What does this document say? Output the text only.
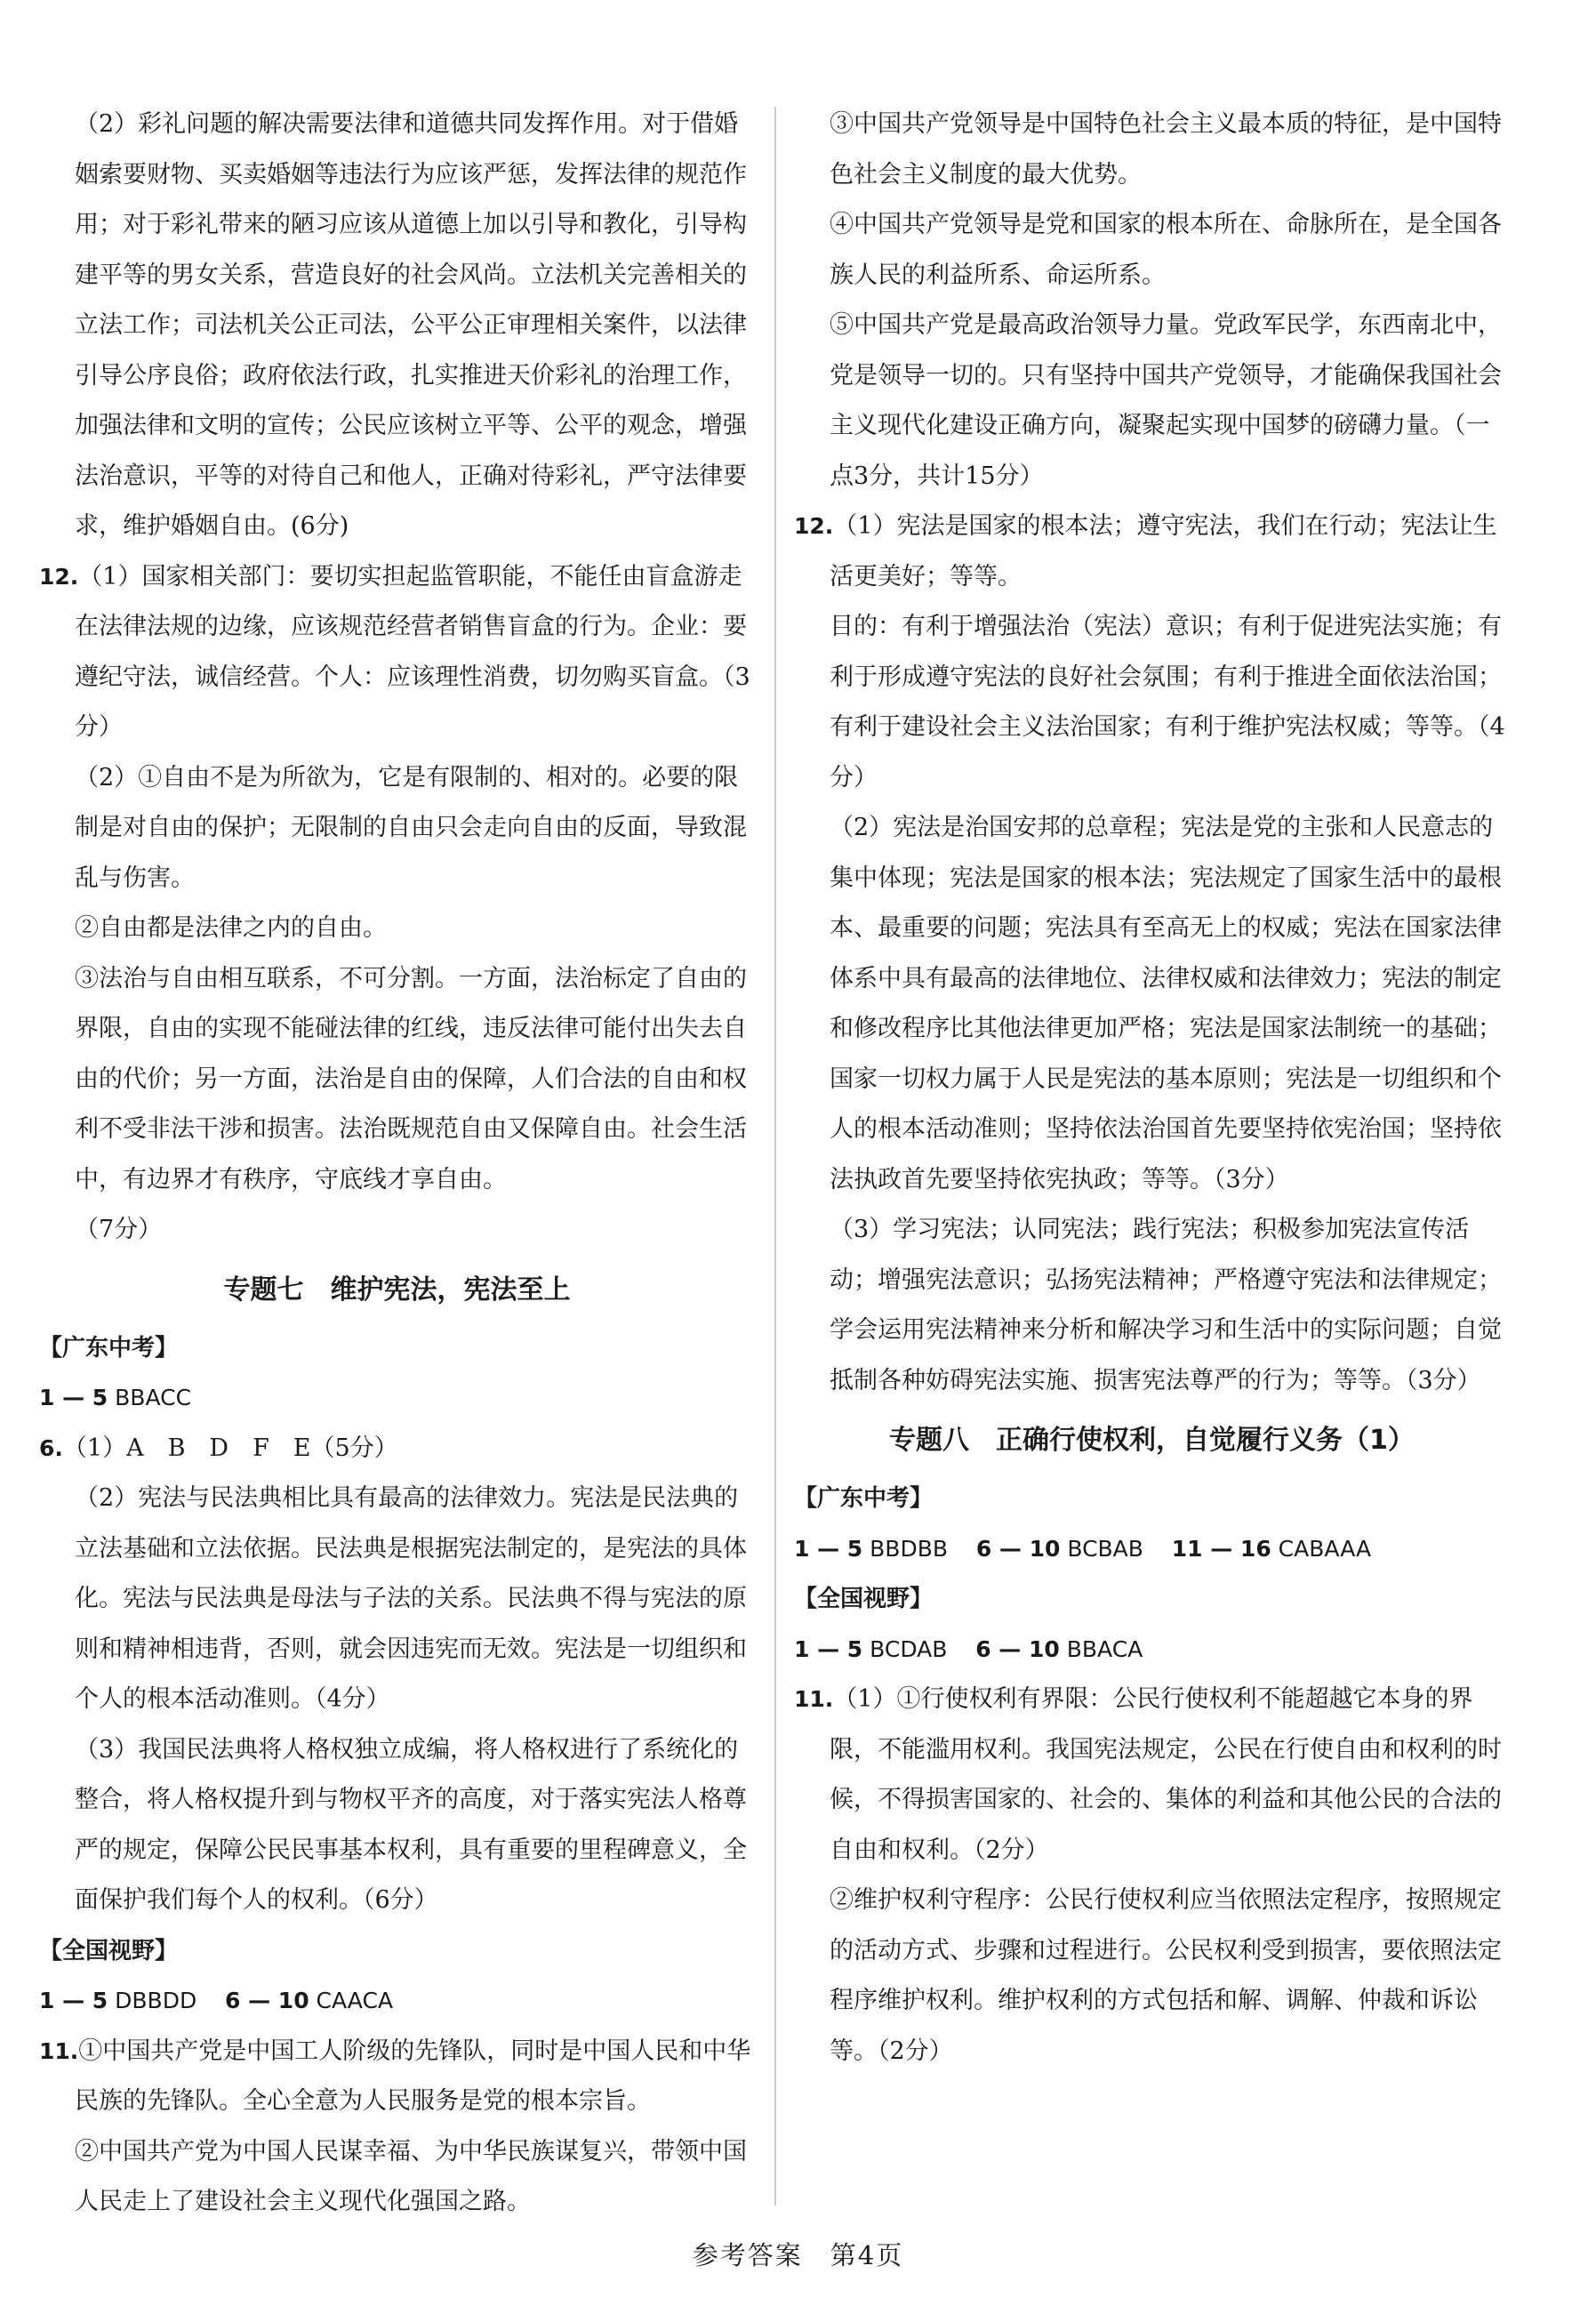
（2）彩礼问题的解决需要法律和道德共同发挥作用。对于借婚姻索要财物、买卖婚姻等违法行为应该严惩，发挥法律的规范作用；对于彩礼带来的陋习应该从道德上加以引导和教化，引导构建平等的男女关系，营造良好的社会风尚。立法机关完善相关的立法工作；司法机关公正司法，公平公正审理相关案件，以法律引导公序良俗；政府依法行政，扎实推进天价彩礼的治理工作，加强法律和文明的宣传；公民应该树立平等、公平的观念，增强法治意识，平等的对待自己和他人，正确对待彩礼，严守法律要求，维护婚姻自由。(6分)

12.（1）国家相关部门：要切实担起监管职能，不能任由盲盒游走在法律法规的边缘，应该规范经营者销售盲盒的行为。企业：要遵纪守法，诚信经营。个人：应该理性消费，切勿购买盲盒。（3分）

（2）①自由不是为所欲为，它是有限制的、相对的。必要的限制是对自由的保护；无限制的自由只会走向自由的反面，导致混乱与伤害。

②自由都是法律之内的自由。

③法治与自由相互联系，不可分割。一方面，法治标定了自由的界限，自由的实现不能碰法律的红线，违反法律可能付出失去自由的代价；另一方面，法治是自由的保障，人们合法的自由和权利不受非法干涉和损害。法治既规范自由又保障自由。社会生活中，有边界才有秩序，守底线才享自由。

（7分）

专题七　维护宪法，宪法至上

【广东中考】

1 — 5 BBACC

6.（1）A　B　D　F　E（5分）

（2）宪法与民法典相比具有最高的法律效力。宪法是民法典的立法基础和立法依据。民法典是根据宪法制定的，是宪法的具体化。宪法与民法典是母法与子法的关系。民法典不得与宪法的原则和精神相违背，否则，就会因违宪而无效。宪法是一切组织和个人的根本活动准则。（4分）

（3）我国民法典将人格权独立成编，将人格权进行了系统化的整合，将人格权提升到与物权平齐的高度，对于落实宪法人格尊严的规定，保障公民民事基本权利，具有重要的里程碑意义，全面保护我们每个人的权利。（6分）

【全国视野】

1 — 5 DBBDD 6 — 10 CAACA

11.①中国共产党是中国工人阶级的先锋队，同时是中国人民和中华民族的先锋队。全心全意为人民服务是党的根本宗旨。

②中国共产党为中国人民谋幸福、为中华民族谋复兴，带领中国人民走上了建设社会主义现代化强国之路。

③中国共产党领导是中国特色社会主义最本质的特征，是中国特色社会主义制度的最大优势。

④中国共产党领导是党和国家的根本所在、命脉所在，是全国各族人民的利益所系、命运所系。

⑤中国共产党是最高政治领导力量。党政军民学，东西南北中，党是领导一切的。只有坚持中国共产党领导，才能确保我国社会主义现代化建设正确方向，凝聚起实现中国梦的磅礴力量。（一点3分，共计15分）

12.（1）宪法是国家的根本法；遵守宪法，我们在行动；宪法让生活更美好；等等。

目的：有利于增强法治（宪法）意识；有利于促进宪法实施；有利于形成遵守宪法的良好社会氛围；有利于推进全面依法治国；有利于建设社会主义法治国家；有利于维护宪法权威；等等。（4分）

（2）宪法是治国安邦的总章程；宪法是党的主张和人民意志的集中体现；宪法是国家的根本法；宪法规定了国家生活中的最根本、最重要的问题；宪法具有至高无上的权威；宪法在国家法律体系中具有最高的法律地位、法律权威和法律效力；宪法的制定和修改程序比其他法律更加严格；宪法是国家法制统一的基础；国家一切权力属于人民是宪法的基本原则；宪法是一切组织和个人的根本活动准则；坚持依法治国首先要坚持依宪治国；坚持依法执政首先要坚持依宪执政；等等。（3分）

（3）学习宪法；认同宪法；践行宪法；积极参加宪法宣传活动；增强宪法意识；弘扬宪法精神；严格遵守宪法和法律规定；学会运用宪法精神来分析和解决学习和生活中的实际问题；自觉抵制各种妨碍宪法实施、损害宪法尊严的行为；等等。（3分）

专题八　正确行使权利，自觉履行义务（1）

【广东中考】

1 — 5 BBDBB 6 — 10 BCBAB 11 — 16 CABAAA

【全国视野】

1 — 5 BCDAB 6 — 10 BBACA

11.（1）①行使权利有界限：公民行使权利不能超越它本身的界限，不能滥用权利。我国宪法规定，公民在行使自由和权利的时候，不得损害国家的、社会的、集体的利益和其他公民的合法的自由和权利。（2分）

②维护权利守程序：公民行使权利应当依照法定程序，按照规定的活动方式、步骤和过程进行。公民权利受到损害，要依照法定程序维护权利。维护权利的方式包括和解、调解、仲裁和诉讼等。（2分）

参考答案　第4页
